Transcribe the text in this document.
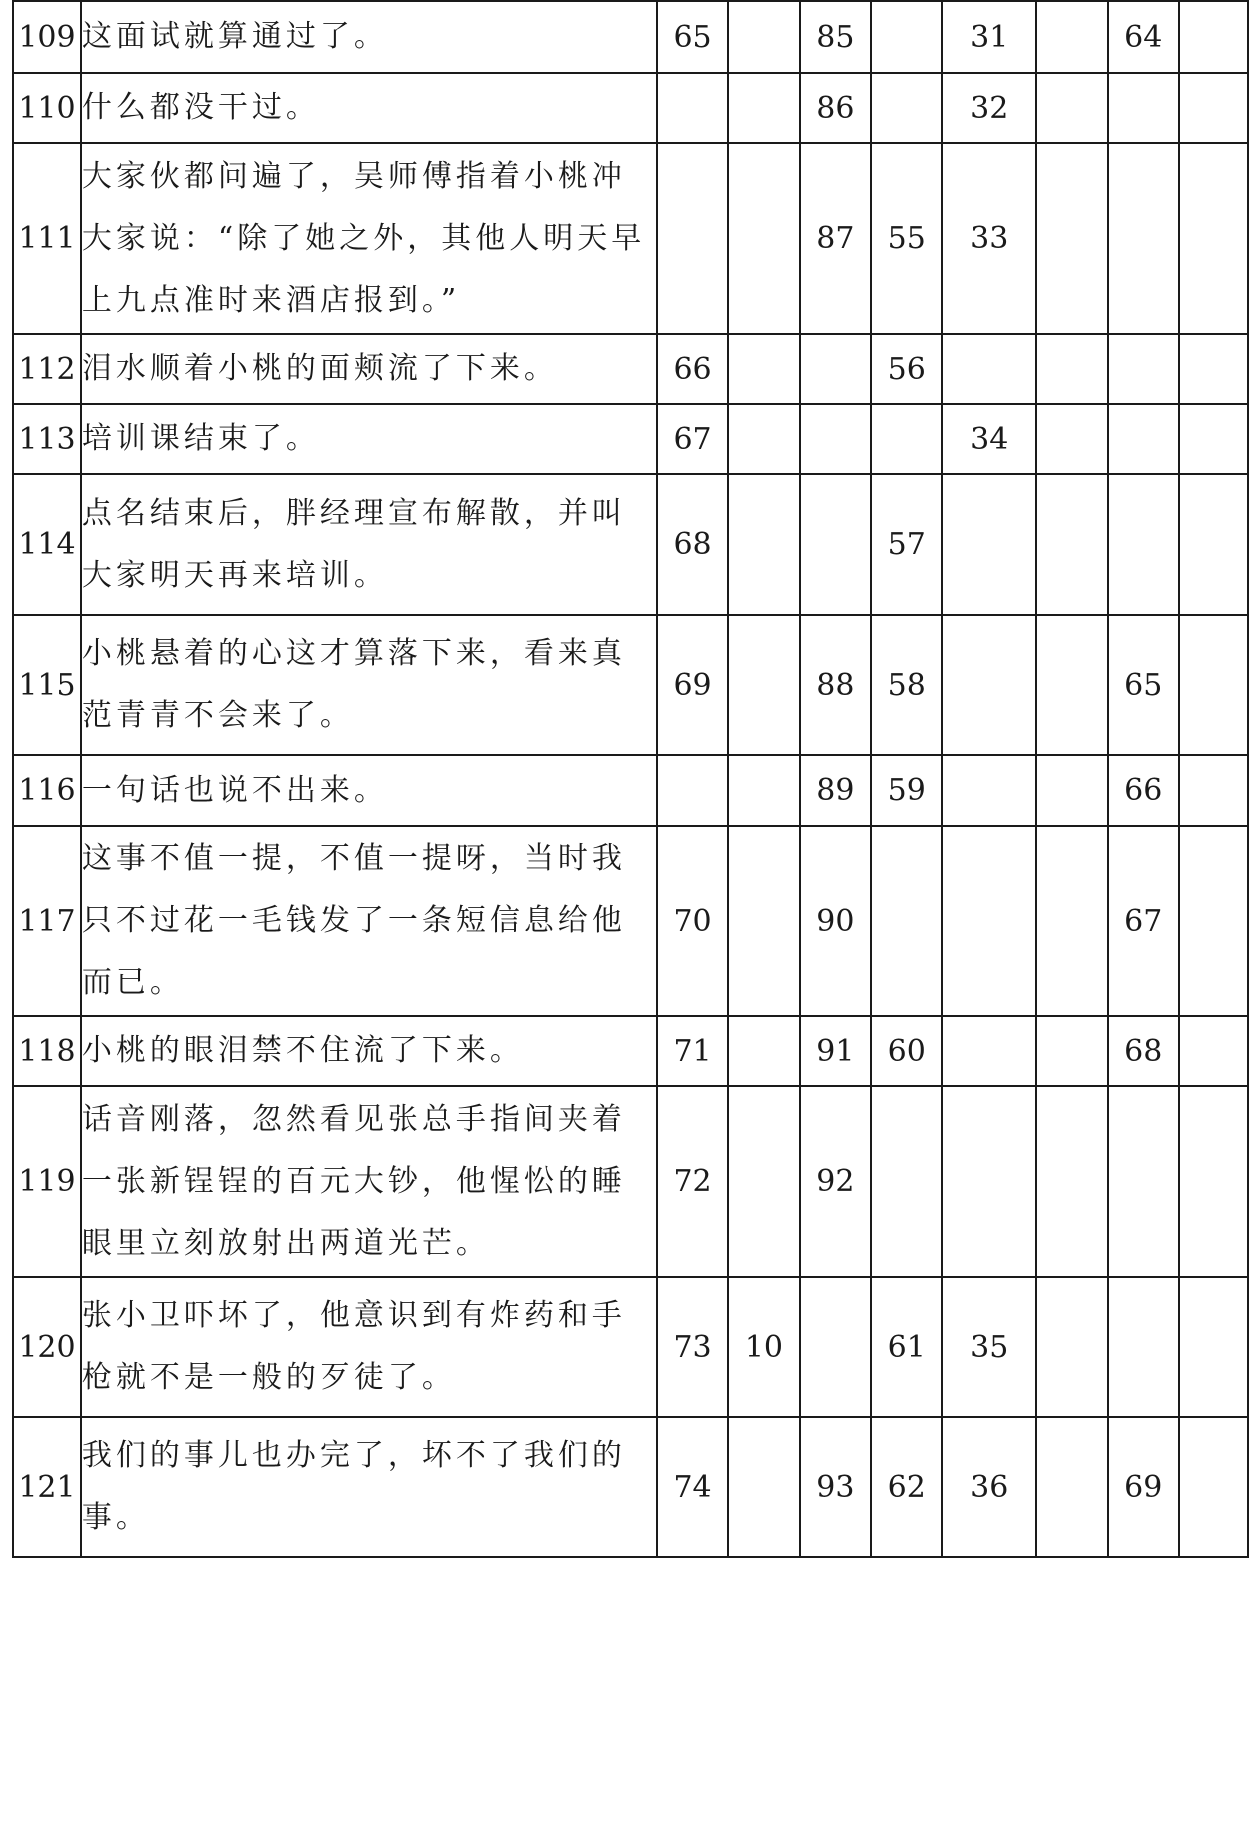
109	这面试就算通过了。	65		85		31		64	
110	什么都没干过。			86		32			
111	大家伙都问遍了，吴师傅指着小桃冲大家说：“除了她之外，其他人明天早上九点准时来酒店报到。”			87	55	33			
112	泪水顺着小桃的面颊流了下来。	66			56				
113	培训课结束了。	67				34			
114	点名结束后，胖经理宣布解散，并叫大家明天再来培训。	68			57				
115	小桃悬着的心这才算落下来，看来真范青青不会来了。	69		88	58			65	
116	一句话也说不出来。			89	59			66	
117	这事不值一提，不值一提呀，当时我只不过花一毛钱发了一条短信息给他而已。	70		90				67	
118	小桃的眼泪禁不住流了下来。	71		91	60			68	
119	话音刚落，忽然看见张总手指间夹着一张新锃锃的百元大钞，他惺忪的睡眼里立刻放射出两道光芒。	72		92					
120	张小卫吓坏了，他意识到有炸药和手枪就不是一般的歹徒了。	73	10		61	35			
121	我们的事儿也办完了，坏不了我们的事。	74		93	62	36		69	
